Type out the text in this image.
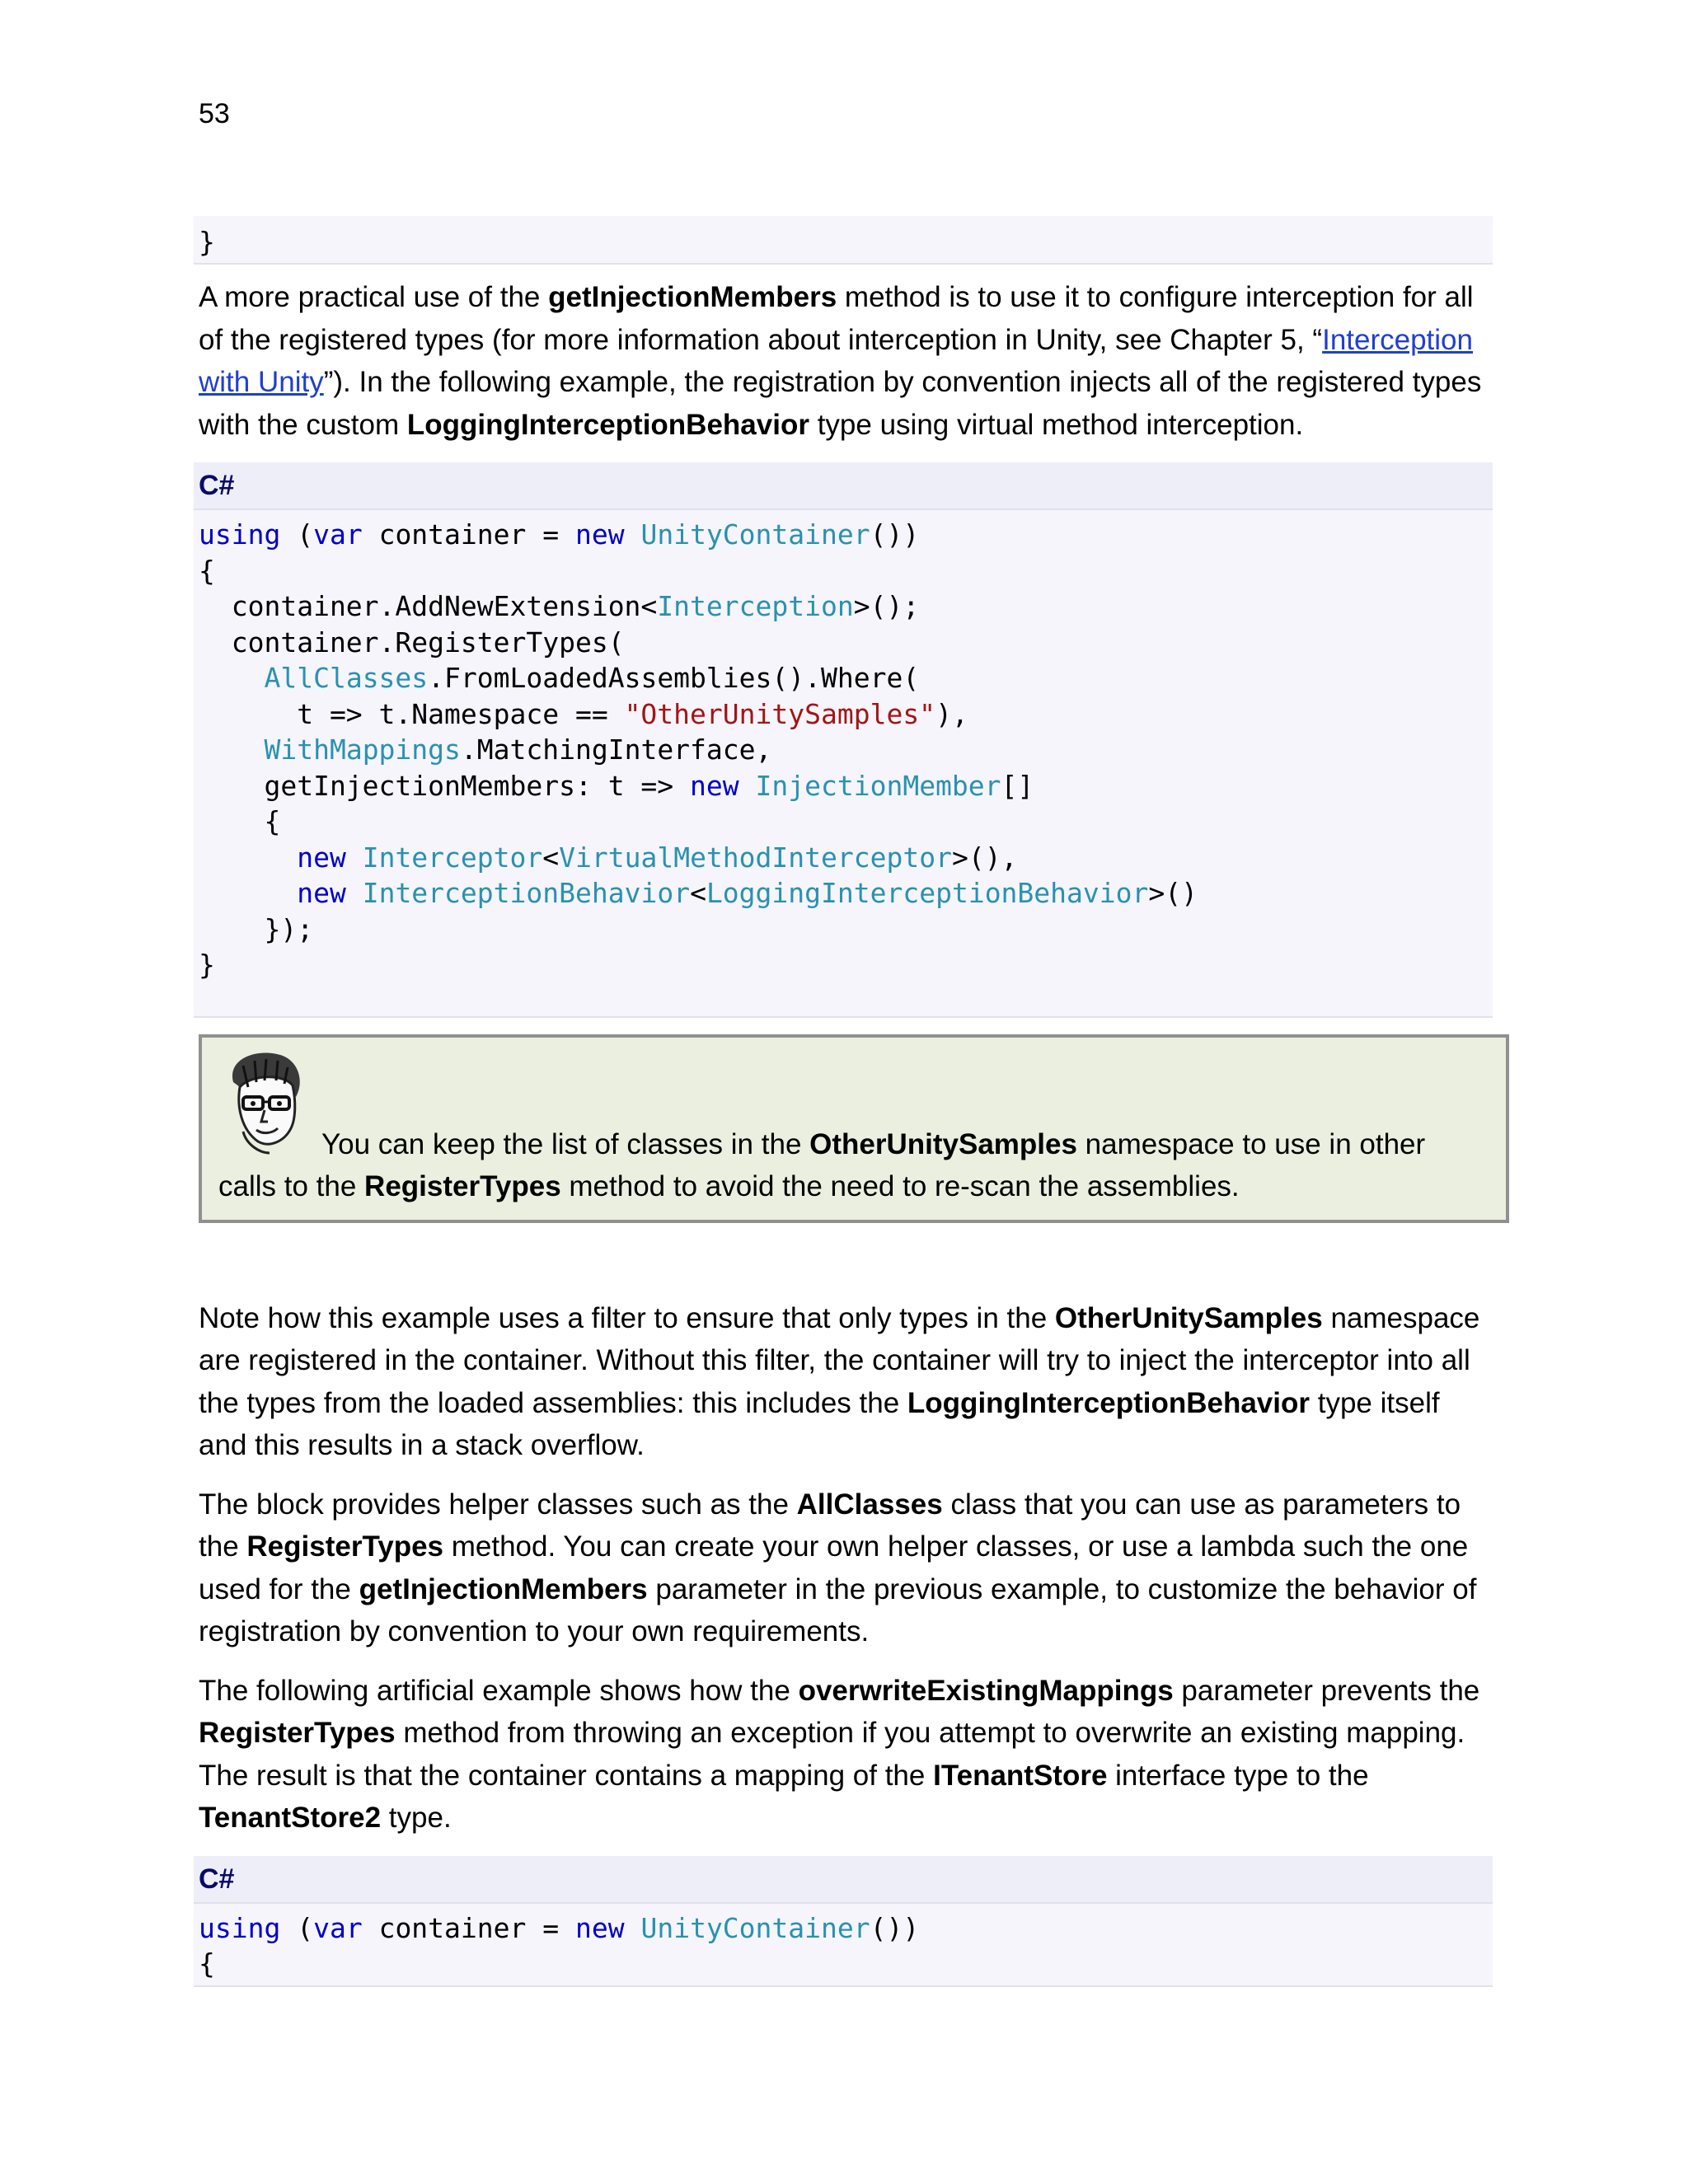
53
}

A more practical use of the getInjectionMembers method is to use it to configure interception for all of the registered types (for more information about interception in Unity, see Chapter 5, “Interception with Unity”). In the following example, the registration by convention injects all of the registered types with the custom LoggingInterceptionBehavior type using virtual method interception.

C#
using (var container = new UnityContainer())
{
container.AddNewExtension<Interception>();
container.RegisterTypes(
AllClasses.FromLoadedAssemblies().Where(
t => t.Namespace == "OtherUnitySamples"),
WithMappings.MatchingInterface,
getInjectionMembers: t => new InjectionMember[]
{
new Interceptor<VirtualMethodInterceptor>(),
new InterceptionBehavior<LoggingInterceptionBehavior>()
});
}

You can keep the list of classes in the OtherUnitySamples namespace to use in other calls to the RegisterTypes method to avoid the need to re-scan the assemblies.

Note how this example uses a filter to ensure that only types in the OtherUnitySamples namespace are registered in the container. Without this filter, the container will try to inject the interceptor into all the types from the loaded assemblies: this includes the LoggingInterceptionBehavior type itself and this results in a stack overflow.

The block provides helper classes such as the AllClasses class that you can use as parameters to the RegisterTypes method. You can create your own helper classes, or use a lambda such the one used for the getInjectionMembers parameter in the previous example, to customize the behavior of registration by convention to your own requirements.

The following artificial example shows how the overwriteExistingMappings parameter prevents the RegisterTypes method from throwing an exception if you attempt to overwrite an existing mapping. The result is that the container contains a mapping of the ITenantStore interface type to the TenantStore2 type.

C#
using (var container = new UnityContainer())
{
